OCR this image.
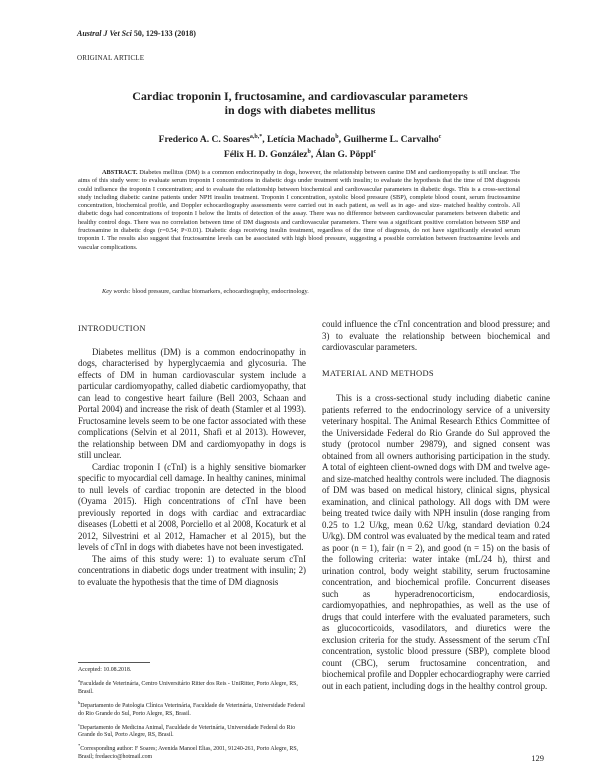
Austral J Vet Sci 50, 129-133 (2018)
ORIGINAL ARTICLE
Cardiac troponin I, fructosamine, and cardiovascular parameters
in dogs with diabetes mellitus
Frederico A. C. Soares$^{a,b,*}$, Letícia Machado$^b$, Guilherme L. Carvalho$^c$
Félix H. D. González$^b$, Álan G. Pöppl$^c$
ABSTRACT. Diabetes mellitus (DM) is a common endocrinopathy in dogs, however, the relationship between canine DM and cardiomyopathy is still unclear. The aims of this study were: to evaluate serum troponin I concentrations in diabetic dogs under treatment with insulin; to evaluate the hypothesis that the time of DM diagnosis could influence the troponin I concentration; and to evaluate the relationship between biochemical and cardiovascular parameters in diabetic dogs. This is a cross-sectional study including diabetic canine patients under NPH insulin treatment. Troponin I concentration, systolic blood pressure (SBP), complete blood count, serum fructosamine concentration, biochemical profile, and Doppler echocardiography assessments were carried out in each patient, as well as in age- and size- matched healthy controls. All diabetic dogs had concentrations of troponin I below the limits of detection of the assay. There was no difference between cardiovascular parameters between diabetic and healthy control dogs. There was no correlation between time of DM diagnosis and cardiovascular parameters. There was a significant positive correlation between SBP and fructosamine in diabetic dogs (r=0.54; P<0.01). Diabetic dogs receiving insulin treatment, regardless of the time of diagnosis, do not have significantly elevated serum troponin I. The results also suggest that fructosamine levels can be associated with high blood pressure, suggesting a possible correlation between fructosamine levels and vascular complications.
Key words: blood pressure, cardiac biomarkers, echocardiography, endocrinology.

INTRODUCTION

Diabetes mellitus (DM) is a common endocrinopathy in dogs, characterised by hyperglycaemia and glycosuria. The effects of DM in human cardiovascular system include a particular cardiomyopathy, called diabetic cardiomyopathy, that can lead to congestive heart failure (Bell 2003, Schaan and Portal 2004) and increase the risk of death (Stamler et al 1993). Fructosamine levels seem to be one factor associated with these complications (Selvin et al 2011, Shafi et al 2013). However, the relationship between DM and cardiomyopathy in dogs is still unclear.

Cardiac troponin I (cTnI) is a highly sensitive biomarker specific to myocardial cell damage. In healthy canines, minimal to null levels of cardiac troponin are detected in the blood (Oyama 2015). High concentrations of cTnI have been previously reported in dogs with cardiac and extracardiac diseases (Lobetti et al 2008, Porciello et al 2008, Kocaturk et al 2012, Silvestrini et al 2012, Hamacher et al 2015), but the levels of cTnI in dogs with diabetes have not been investigated.

The aims of this study were: 1) to evaluate serum cTnI concentrations in diabetic dogs under treatment with insulin; 2) to evaluate the hypothesis that the time of DM diagnosis

could influence the cTnI concentration and blood pressure; and 3) to evaluate the relationship between biochemical and cardiovascular parameters.

MATERIAL AND METHODS

This is a cross-sectional study including diabetic canine patients referred to the endocrinology service of a university veterinary hospital. The Animal Research Ethics Committee of the Universidade Federal do Rio Grande do Sul approved the study (protocol number 29879), and signed consent was obtained from all owners authorising participation in the study. A total of eighteen client-owned dogs with DM and twelve age- and size-matched healthy controls were included. The diagnosis of DM was based on medical history, clinical signs, physical examination, and clinical pathology. All dogs with DM were being treated twice daily with NPH insulin (dose ranging from 0.25 to 1.2 U/kg, mean 0.62 U/kg, standard deviation 0.24 U/kg). DM control was evaluated by the medical team and rated as poor (n = 1), fair (n = 2), and good (n = 15) on the basis of the following criteria: water intake (mL/24 h), thirst and urination control, body weight stability, serum fructosamine concentration, and biochemical profile. Concurrent diseases such as hyperadrenocorticism, endocardiosis, cardiomyopathies, and nephropathies, as well as the use of drugs that could interfere with the evaluated parameters, such as glucocorticoids, vasodilators, and diuretics were the exclusion criteria for the study. Assessment of the serum cTnI concentration, systolic blood pressure (SBP), complete blood count (CBC), serum fructosamine concentration, and biochemical profile and Doppler echocardiography were carried out in each patient, including dogs in the healthy control group.

Accepted: 10.08.2018.
$^a$Faculdade de Veterinária, Centro Universitário Ritter dos Reis - UniRitter, Porto Alegre, RS, Brasil.
$^b$Departamento de Patologia Clínica Veterinária, Faculdade de Veterinária, Universidade Federal do Rio Grande do Sul, Porto Alegre, RS, Brasil.
$^c$Departamento de Medicina Animal, Faculdade de Veterinária, Universidade Federal do Rio Grande do Sul, Porto Alegre, RS, Brasil.
*Corresponding author: F Soares; Avenida Manoel Elias, 2001, 91240-261, Porto Alegre, RS, Brasil; fredaecio@hotmail.com	129
